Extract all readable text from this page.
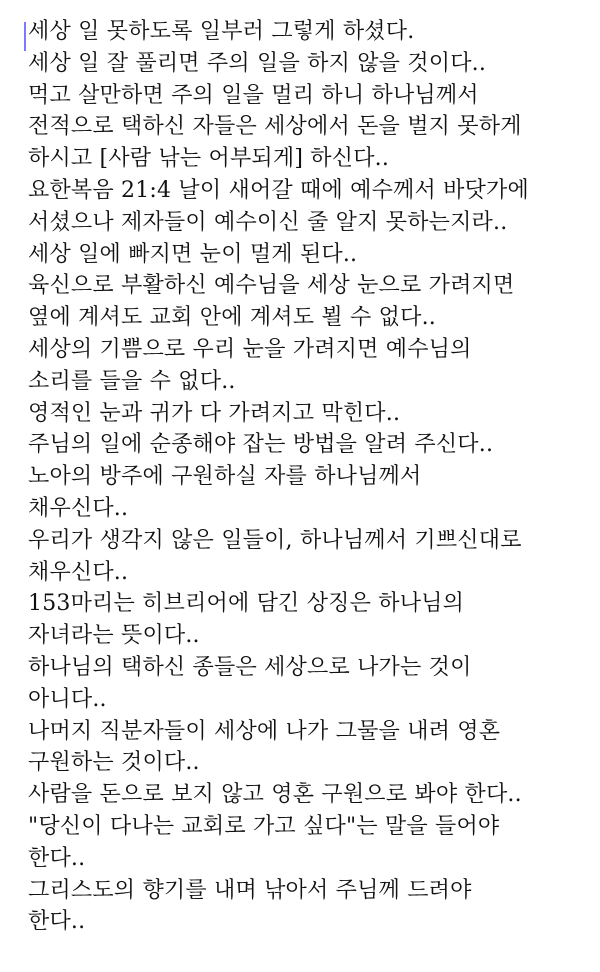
세상 일 못하도록 일부러 그렇게 하셨다.

세상 일 잘 풀리면 주의 일을 하지 않을 것이다..

먹고 살만하면 주의 일을 멀리 하니 하나님께서

전적으로 택하신 자들은 세상에서 돈을 벌지 못하게

하시고 [사람 낚는 어부되게] 하신다..

요한복음 21:4 날이 새어갈 때에 예수께서 바닷가에

서셨으나 제자들이 예수이신 줄 알지 못하는지라..

세상 일에 빠지면 눈이 멀게 된다..

육신으로 부활하신 예수님을 세상 눈으로 가려지면

옆에 계셔도 교회 안에 계셔도 뵐 수 없다..

세상의 기쁨으로 우리 눈을 가려지면 예수님의

소리를 들을 수 없다..

영적인 눈과 귀가 다 가려지고 막힌다..

주님의 일에 순종해야 잡는 방법을 알려 주신다..

노아의 방주에 구원하실 자를 하나님께서

채우신다..

우리가 생각지 않은 일들이, 하나님께서 기쁘신대로

채우신다..

153마리는 히브리어에 담긴 상징은 하나님의

자녀라는 뜻이다..

하나님의 택하신 종들은 세상으로 나가는 것이

아니다..

나머지 직분자들이 세상에 나가 그물을 내려 영혼

구원하는 것이다..

사람을 돈으로 보지 않고 영혼 구원으로 봐야 한다..

"당신이 다나는 교회로 가고 싶다"는 말을 들어야

한다..

그리스도의 향기를 내며 낚아서 주님께 드려야

한다..
